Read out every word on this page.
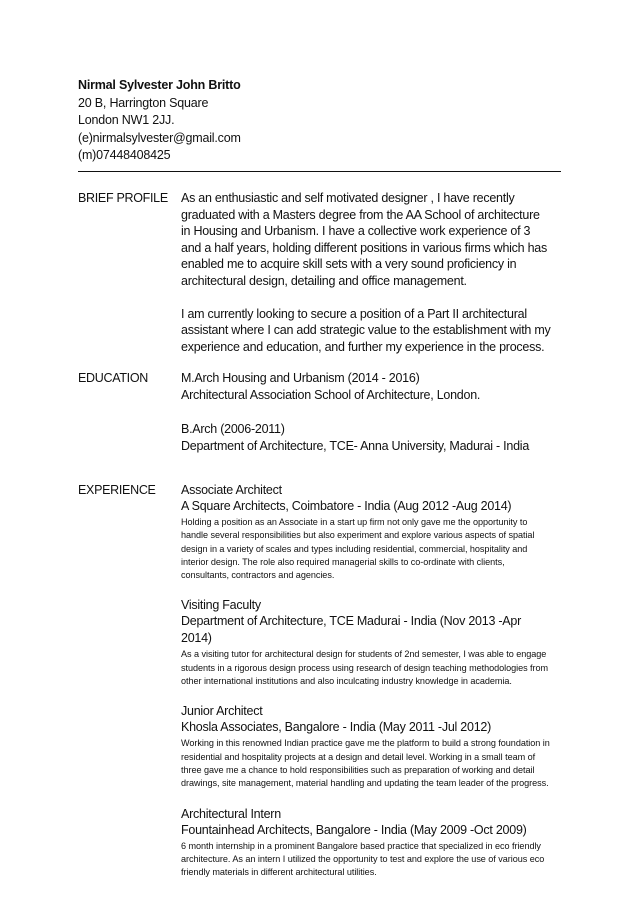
Nirmal Sylvester John Britto
20 B, Harrington Square
London NW1 2JJ.
(e)nirmalsylvester@gmail.com
(m)07448408425
BRIEF PROFILE As an enthusiastic and self motivated designer , I have recently graduated with a Masters degree from the AA School of architecture in Housing and Urbanism. I have a collective work experience of 3 and a half years, holding different positions in various firms which has enabled me to acquire skill sets with a very sound proficiency in architectural design, detailing and office management.

I am currently looking to secure a position of a Part II architectural assistant where I can add strategic value to the establishment with my experience and education, and further my experience in the process.

EDUCATION	M.Arch Housing and Urbanism (2014 - 2016)
Architectural Association School of Architecture, London.
B.Arch (2006-2011)
Department of Architecture, TCE- Anna University, Madurai - India
EXPERIENCE Associate Architect
A Square Architects, Coimbatore - India (Aug 2012 -Aug 2014)
Holding a position as an Associate in a start up firm not only gave me the opportunity to handle several responsibilities but also experiment and explore various aspects of spatial design in a variety of scales and types including residential, commercial, hospitality and interior design. The role also required managerial skills to co-ordinate with clients, consultants, contractors and agencies.
Visiting Faculty
Department of Architecture, TCE Madurai - India (Nov 2013 -Apr 2014)
As a visiting tutor for architectural design for students of 2nd semester, I was able to engage students in a rigorous design process using research of design teaching methodologies from other international institutions and also inculcating industry knowledge in academia.
Junior Architect
Khosla Associates, Bangalore - India (May 2011 -Jul 2012)
Working in this renowned Indian practice gave me the platform to build a strong foundation in residential and hospitality projects at a design and detail level. Working in a small team of three gave me a chance to hold responsibilities such as preparation of working and detail drawings, site management, material handling and updating the team leader of the progress.
Architectural Intern
Fountainhead Architects, Bangalore - India (May 2009 -Oct 2009)
6 month internship in a prominent Bangalore based practice that specialized in eco friendly architecture. As an intern I utilized the opportunity to test and explore the use of various eco friendly materials in different architectural utilities.
